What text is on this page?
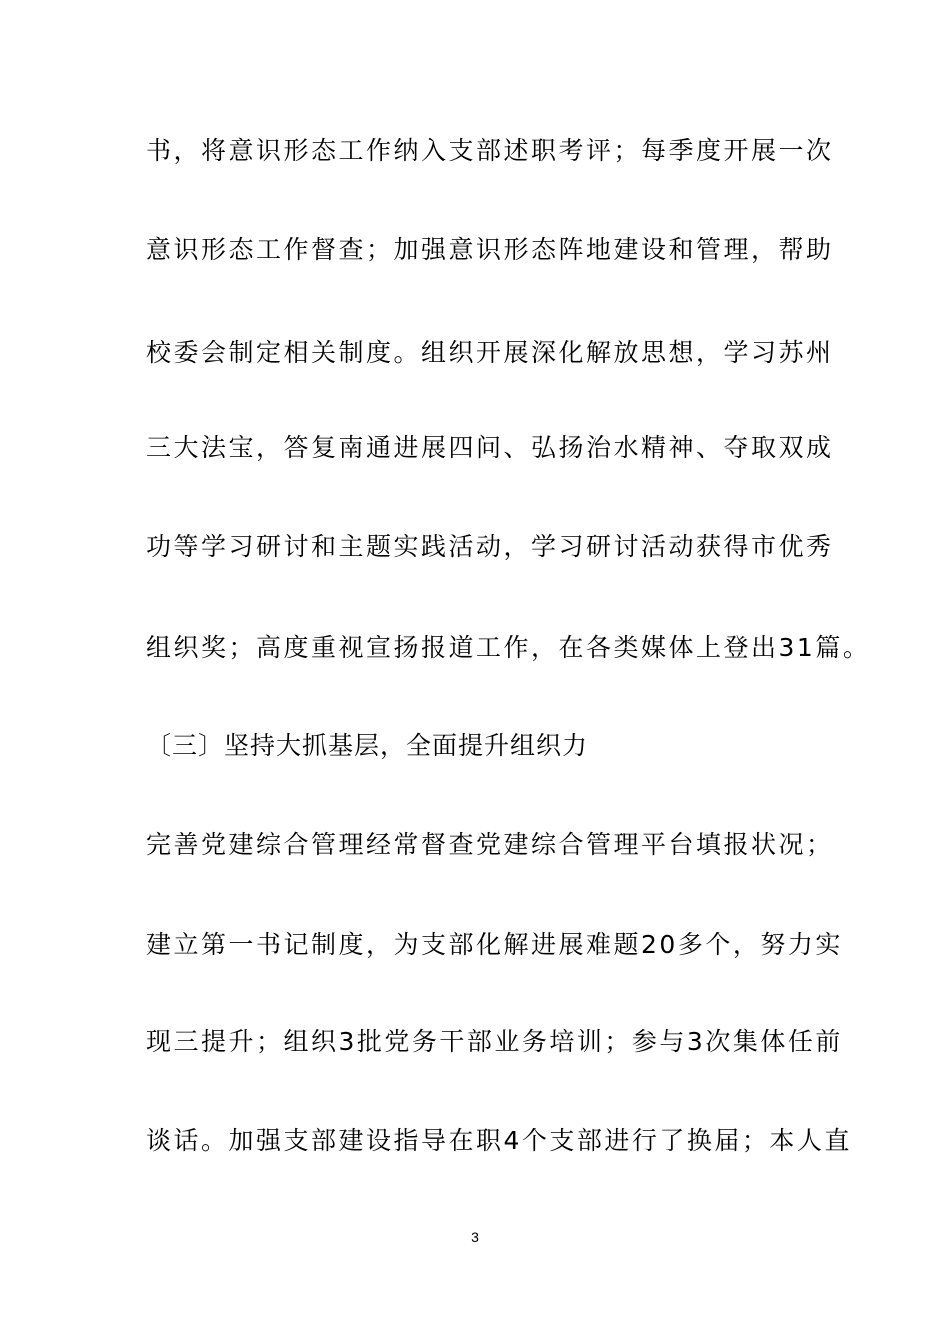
书，将意识形态工作纳入支部述职考评；每季度开展一次
意识形态工作督查；加强意识形态阵地建设和管理，帮助
校委会制定相关制度。组织开展深化解放思想，学习苏州
三大法宝，答复南通进展四问、弘扬治水精神、夺取双成
功等学习研讨和主题实践活动，学习研讨活动获得市优秀
组织奖；高度重视宣扬报道工作，在各类媒体上登出31篇。
〔三〕坚持大抓基层，全面提升组织力
完善党建综合管理经常督查党建综合管理平台填报状况；
建立第一书记制度，为支部化解进展难题20多个，努力实
现三提升；组织3批党务干部业务培训；参与3次集体任前
谈话。加强支部建设指导在职4个支部进行了换届；本人直
3
